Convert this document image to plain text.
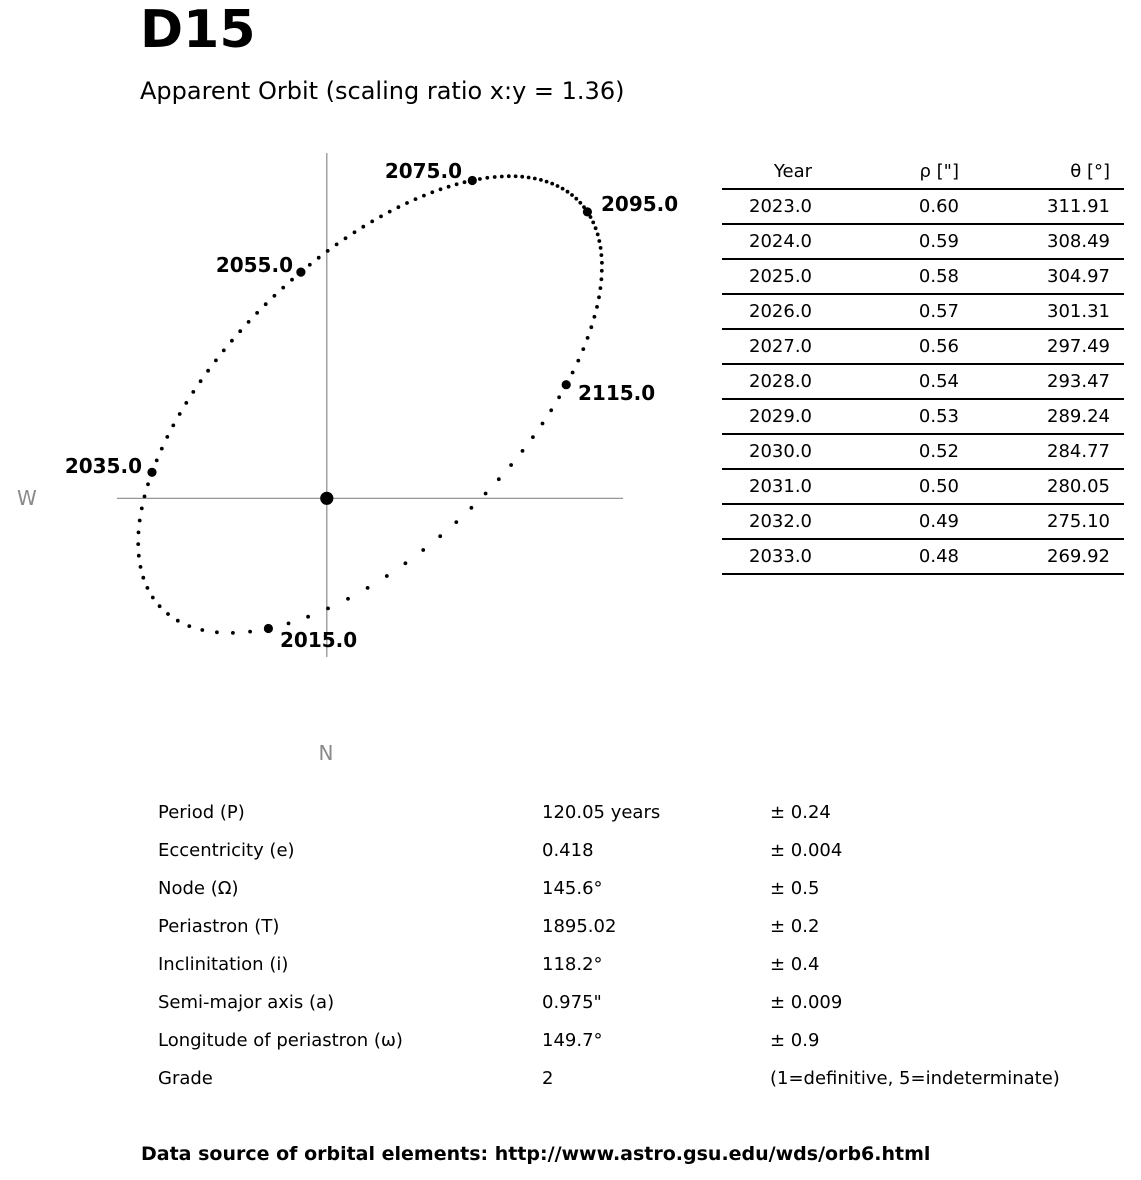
2015.0
2035.0
2055.0
2075.0
2095.0
2115.0
W
N
D15
Apparent Orbit (scaling ratio x:y = 1.36)
Year	ρ ["]	θ [°]
2023.0	0.60	311.91
2024.0	0.59	308.49
2025.0	0.58	304.97
2026.0	0.57	301.31
2027.0	0.56	297.49
2028.0	0.54	293.47
2029.0	0.53	289.24
2030.0	0.52	284.77
2031.0	0.50	280.05
2032.0	0.49	275.10
2033.0	0.48	269.92
Period (P)	120.05 years	± 0.24
Eccentricity (e)	0.418	± 0.004
Node (Ω)	145.6°	± 0.5
Periastron (T)	1895.02	± 0.2
Inclinitation (i)	118.2°	± 0.4
Semi-major axis (a)	0.975"	± 0.009
Longitude of periastron (ω)	149.7°	± 0.9
Grade	2	(1=definitive, 5=indeterminate)
Data source of orbital elements: http://www.astro.gsu.edu/wds/orb6.html
